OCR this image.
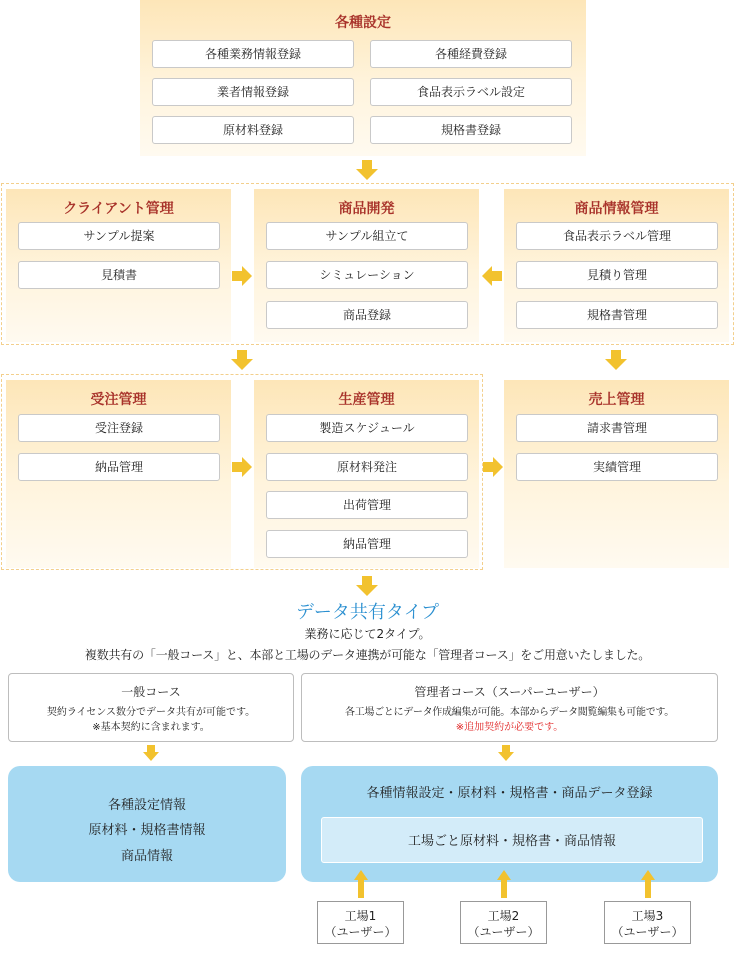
各種設定
各種業務情報登録	各種経費登録
業者情報登録	食品表示ラベル設定
原材料登録	規格書登録
クライアント管理
サンプル提案
見積書
商品開発
サンプル組立て
シミュレーション
商品登録
商品情報管理
食品表示ラベル管理
見積り管理
規格書管理
受注管理
受注登録
納品管理
生産管理
製造スケジュール
原材料発注
出荷管理
納品管理
売上管理
請求書管理
実績管理
データ共有タイプ
業務に応じて2タイプ。
複数共有の「一般コース」と、本部と工場のデータ連携が可能な「管理者コース」をご用意いたしました。
一般コース
契約ライセンス数分でデータ共有が可能です。
※基本契約に含まれます。
管理者コース（スーパーユーザー）
各工場ごとにデータ作成編集が可能。本部からデータ閲覧編集も可能です。
※追加契約が必要です。
各種設定情報
原材料・規格書情報
商品情報
各種情報設定・原材料・規格書・商品データ登録
工場ごと原材料・規格書・商品情報
工場1
（ユーザー）
工場2
（ユーザー）
工場3
（ユーザー）
